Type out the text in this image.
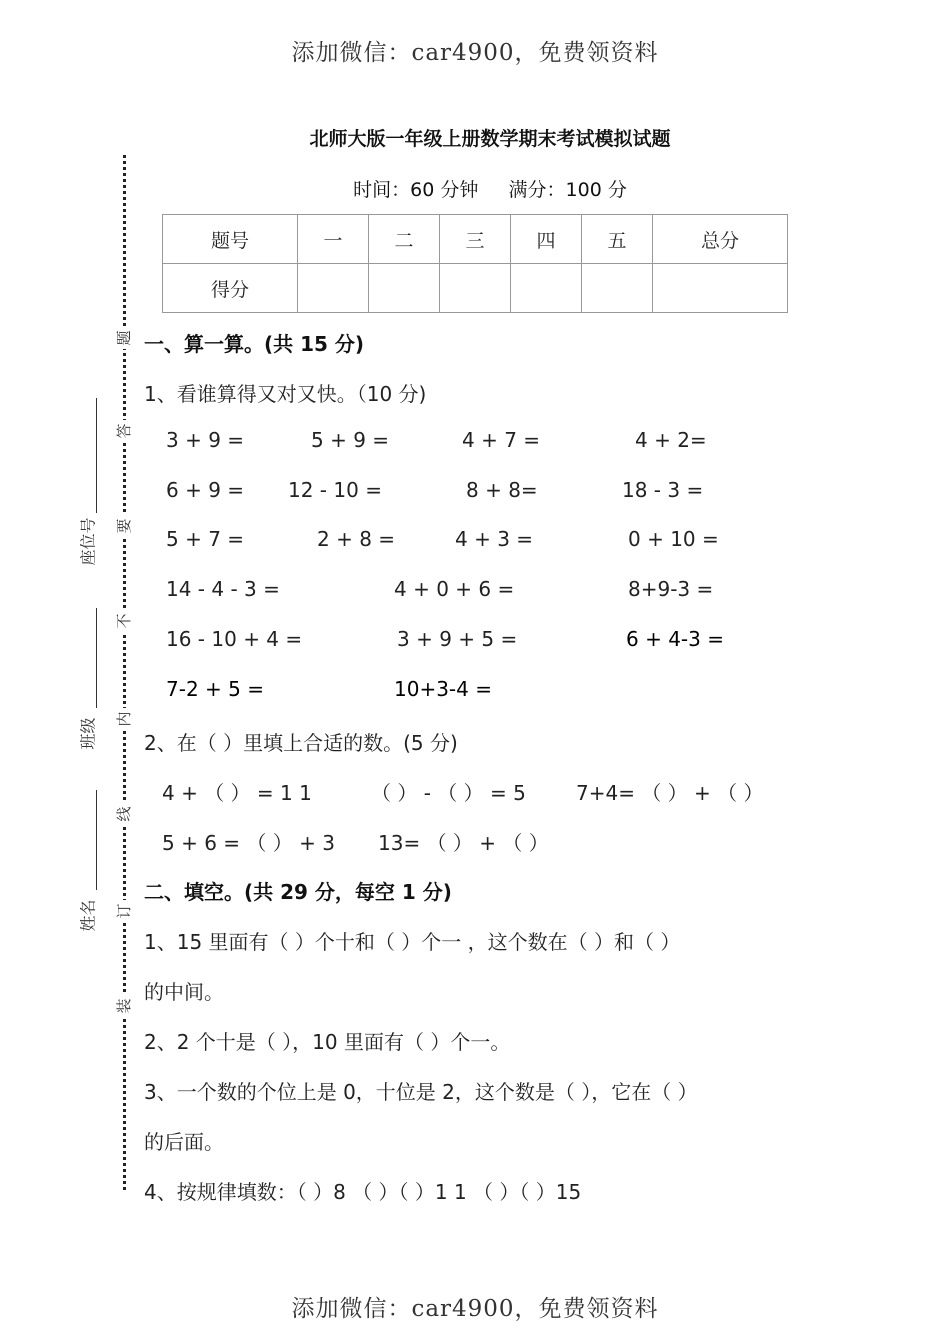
添加微信：car4900，免费领资料
添加微信：car4900，免费领资料
北师大版一年级上册数学期末考试模拟试题
时间：60 分钟     满分：100 分
题号	一	二	三	四	五	总分
得分						
题
答
要
不
内
线
订
装
座位号
班级
姓名
一、算一算。(共 15 分)
1、看谁算得又对又快。（10 分)
3 + 9 =	5 + 9 =	4 + 7 =	4 + 2=
6 + 9 = 12 - 10 =	8 + 8=	18 - 3 =
5 + 7 =	2 + 8 =	4 + 3 =	0 + 10 =
14 - 4 - 3 =	4 + 0 + 6 =	8+9-3 =
16 - 10 + 4 =	3 + 9 + 5 =	6 + 4-3 =
7-2 + 5 =	10+3-4 =
2、在（ ）里填上合适的数。(5 分)
4 + （ ） = 1 1	（ ） - （ ） = 5	7+4= （ ） + （ ）
5 + 6 = （ ） + 3 13= （ ） + （ ）
二、填空。(共 29 分，每空 1 分)
1、15 里面有（ ）个十和（ ）个一 ，这个数在（ ）和（ ）
的中间。
2、2 个十是（ ），10 里面有（ ）个一。
3、一个数的个位上是 0，十位是 2，这个数是（ ），它在（ ）
的后面。
4、按规律填数：（ ）8 （ ）（ ）1 1 （ ）（ ）15
